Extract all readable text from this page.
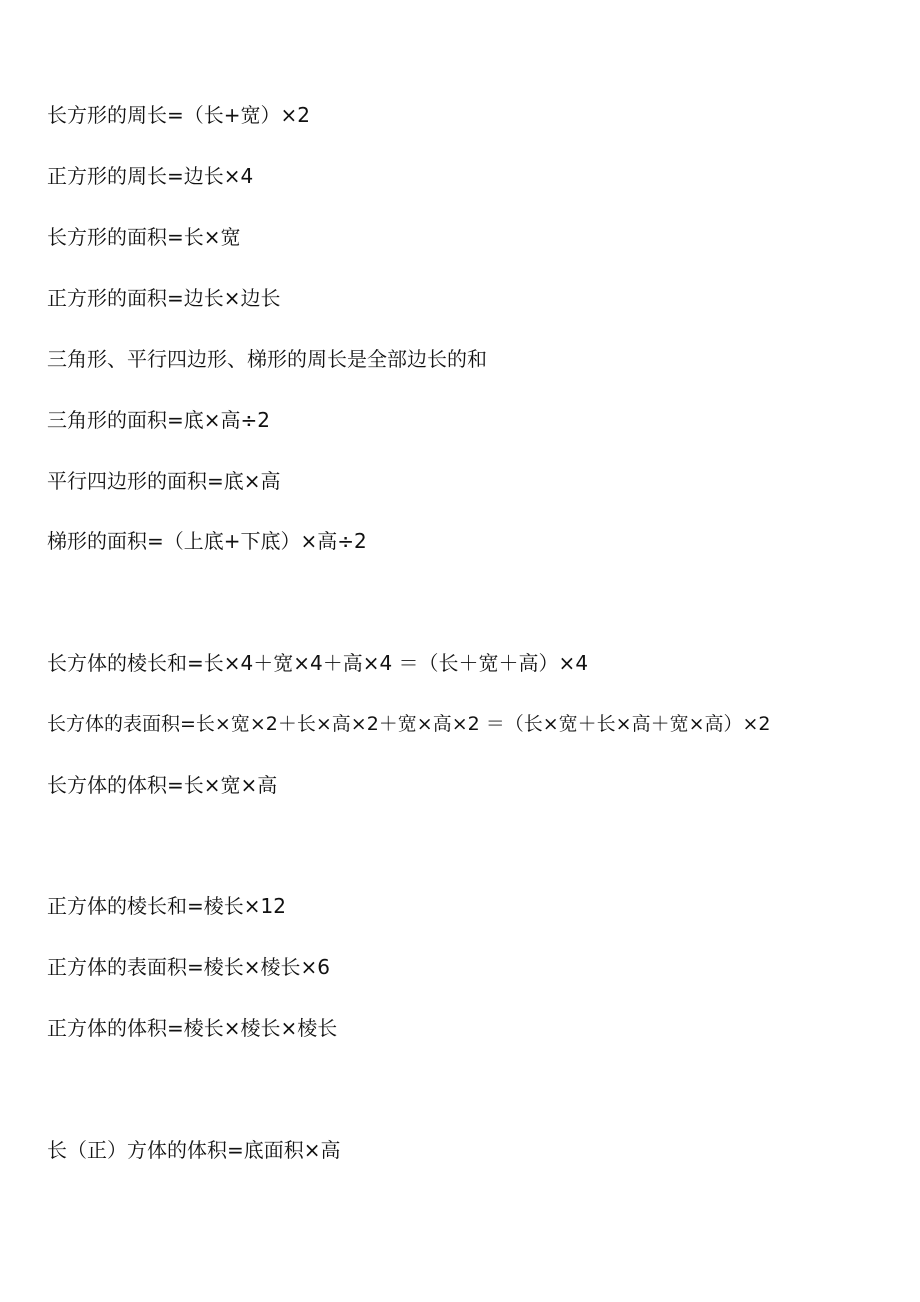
长方形的周长=（长+宽）×2
正方形的周长=边长×4
长方形的面积=长×宽
正方形的面积=边长×边长
三角形、平行四边形、梯形的周长是全部边长的和
三角形的面积=底×高÷2
平行四边形的面积=底×高
梯形的面积=（上底+下底）×高÷2
长方体的棱长和=长×4＋宽×4＋高×4 ＝（长＋宽＋高）×4
长方体的表面积=长×宽×2＋长×高×2＋宽×高×2 ＝（长×宽＋长×高＋宽×高）×2
长方体的体积=长×宽×高
正方体的棱长和=棱长×12
正方体的表面积=棱长×棱长×6
正方体的体积=棱长×棱长×棱长
长（正）方体的体积=底面积×高
